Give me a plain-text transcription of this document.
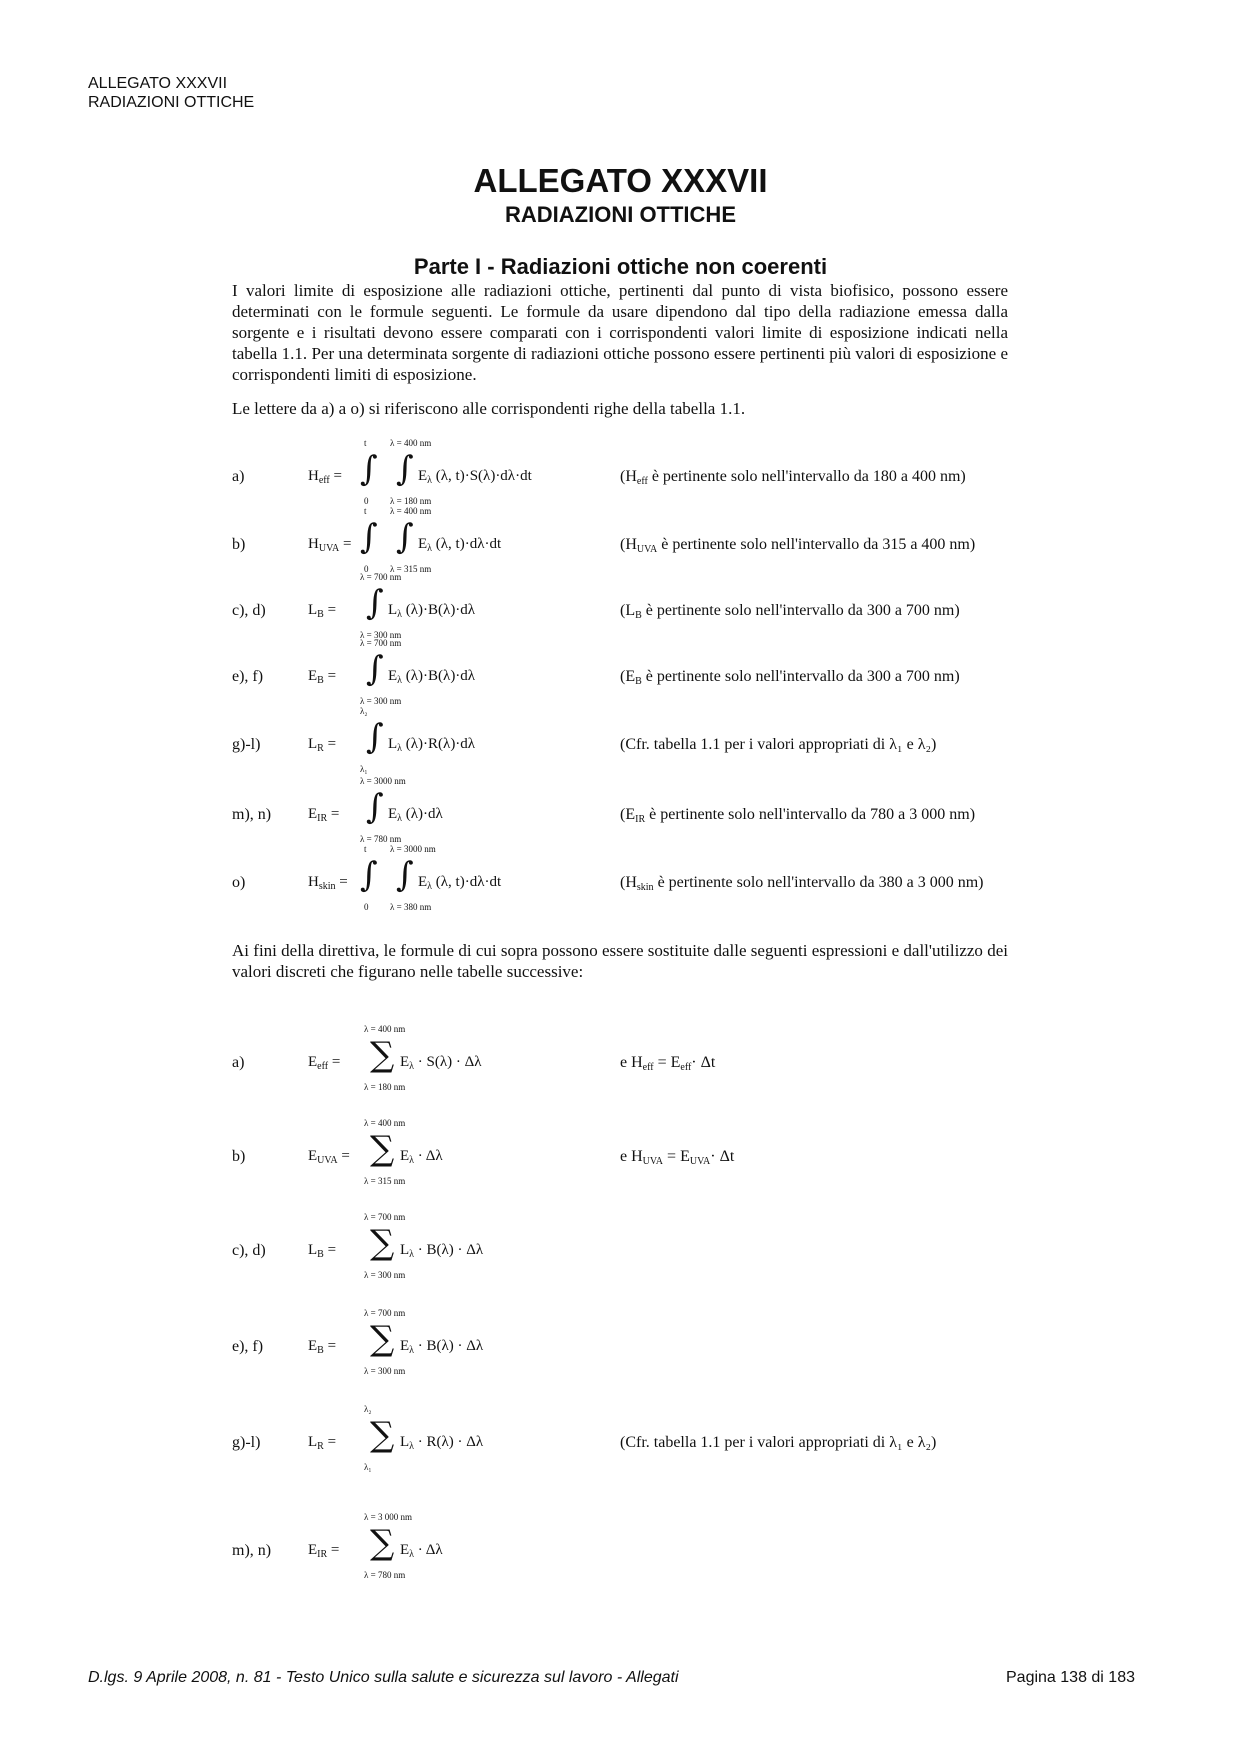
ALLEGATO XXXVII
RADIAZIONI OTTICHE
ALLEGATO XXXVII
RADIAZIONI OTTICHE
Parte I - Radiazioni ottiche non coerenti

I valori limite di esposizione alle radiazioni ottiche, pertinenti dal punto di vista biofisico, possono essere determinati con le formule seguenti. Le formule da usare dipendono dal tipo della radiazione emessa dalla sorgente e i risultati devono essere comparati con i corrispondenti valori limite di esposizione indicati nella tabella 1.1. Per una determinata sorgente di radiazioni ottiche possono essere pertinenti più valori di esposizione e corrispondenti limiti di esposizione.

Le lettere da a) a o) si riferiscono alle corrispondenti righe della tabella 1.1.

a)	$H_{eff}$ =
t
∫
0
λ = 400 nm
∫
λ = 180 nm
$E_\lambda$ (λ, t)·S(λ)·dλ·dt	($H_{eff}$ è pertinente solo nell'intervallo da 180 a 400 nm)
b)	$H_{UVA}$ =
t
∫
0
λ = 400 nm
∫
λ = 315 nm
$E_\lambda$ (λ, t)·dλ·dt	($H_{UVA}$ è pertinente solo nell'intervallo da 315 a 400 nm)
c), d)	$L_B$ =
λ = 700 nm
∫
λ = 300 nm
$L_\lambda$ (λ)·B(λ)·dλ	($L_B$ è pertinente solo nell'intervallo da 300 a 700 nm)
e), f)	$E_B$ =
λ = 700 nm
∫
λ = 300 nm
$E_\lambda$ (λ)·B(λ)·dλ	($E_B$ è pertinente solo nell'intervallo da 300 a 700 nm)
g)-l)	$L_R$ =
λ₂
∫
λ₁
$L_\lambda$ (λ)·R(λ)·dλ	(Cfr. tabella 1.1 per i valori appropriati di λ₁ e λ₂)
m), n) $E_{IR}$ =
λ = 3000 nm
∫
λ = 780 nm
$E_\lambda$ (λ)·dλ	($E_{IR}$ è pertinente solo nell'intervallo da 780 a 3 000 nm)
o)	$H_{skin}$ =
t
∫
0
λ = 3000 nm
∫
λ = 380 nm
$E_\lambda$ (λ, t)·dλ·dt	($H_{skin}$ è pertinente solo nell'intervallo da 380 a 3 000 nm)

Ai fini della direttiva, le formule di cui sopra possono essere sostituite dalle seguenti espressioni e dall'utilizzo dei valori discreti che figurano nelle tabelle successive:

a)	$E_{eff}$ =
λ = 400 nm
∑
λ = 180 nm
$E_\lambda \cdot S(\lambda) \cdot \Delta\lambda$	e $H_{eff} = E_{eff}\cdot \Delta t$
b)	$E_{UVA}$ =
λ = 400 nm
∑
λ = 315 nm
$E_\lambda \cdot \Delta\lambda$	e $H_{UVA} = E_{UVA}\cdot \Delta t$
c), d)	$L_B$ =
λ = 700 nm
∑
λ = 300 nm
$L_\lambda \cdot B(\lambda) \cdot \Delta\lambda$
e), f)	$E_B$ =
λ = 700 nm
∑
λ = 300 nm
$E_\lambda \cdot B(\lambda) \cdot \Delta\lambda$
g)-l)	$L_R$ =
λ₂
∑
λ₁
$L_\lambda \cdot R(\lambda) \cdot \Delta\lambda$	(Cfr. tabella 1.1 per i valori appropriati di λ₁ e λ₂)
m), n) $E_{IR}$ =
λ = 3 000 nm
∑
λ = 780 nm
$E_\lambda \cdot \Delta\lambda$
D.lgs. 9 Aprile 2008, n. 81 - Testo Unico sulla salute e sicurezza sul lavoro - Allegati	Pagina 138 di 183
